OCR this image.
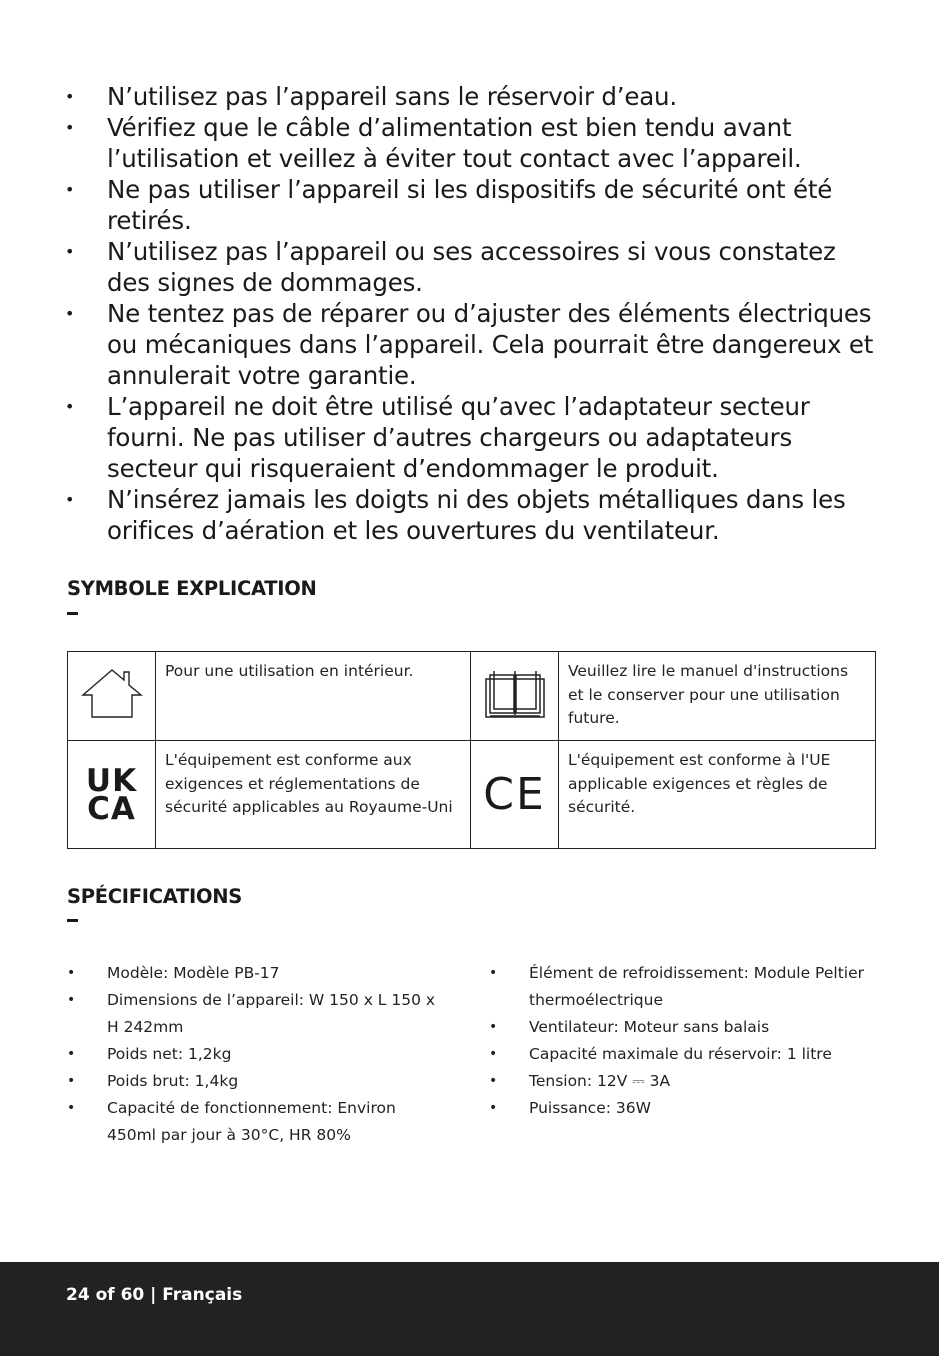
• N’utilisez pas l’appareil sans le réservoir d’eau.
• Vérifiez que le câble d’alimentation est bien tendu avant l’utilisation et veillez à éviter tout contact avec l’appareil.
• Ne pas utiliser l’appareil si les dispositifs de sécurité ont été retirés.
• N’utilisez pas l’appareil ou ses accessoires si vous constatez des signes de dommages.
• Ne tentez pas de réparer ou d’ajuster des éléments électriques ou mécaniques dans l’appareil. Cela pourrait être dangereux et annulerait votre garantie.
• L’appareil ne doit être utilisé qu’avec l’adaptateur secteur fourni. Ne pas utiliser d’autres chargeurs ou adaptateurs secteur qui risqueraient d’endommager le produit.
• N’insérez jamais les doigts ni des objets métalliques dans les orifices d’aération et les ouvertures du ventilateur.
SYMBOLE EXPLICATION
	Pour une utilisation en intérieur.		Veuillez lire le manuel d'instructions et le conserver pour une utilisation future.

UK
CA	L'équipement est conforme aux exigences et réglementations de sécurité applicables au Royaume-Uni	CE	L'équipement est conforme à l'UE applicable exigences et règles de sécurité.
SPÉCIFICATIONS
• Modèle: Modèle PB-17
• Dimensions de l’appareil: W 150 x L 150 x H 242mm
• Poids net: 1,2kg
• Poids brut: 1,4kg
• Capacité de fonctionnement: Environ 450ml par jour à 30°C, HR 80%
• Élément de refroidissement: Module Peltier thermoélectrique
• Ventilateur: Moteur sans balais
• Capacité maximale du réservoir: 1 litre
• Tension: 12V ⎓ 3A
• Puissance: 36W
24 of 60 | Français
